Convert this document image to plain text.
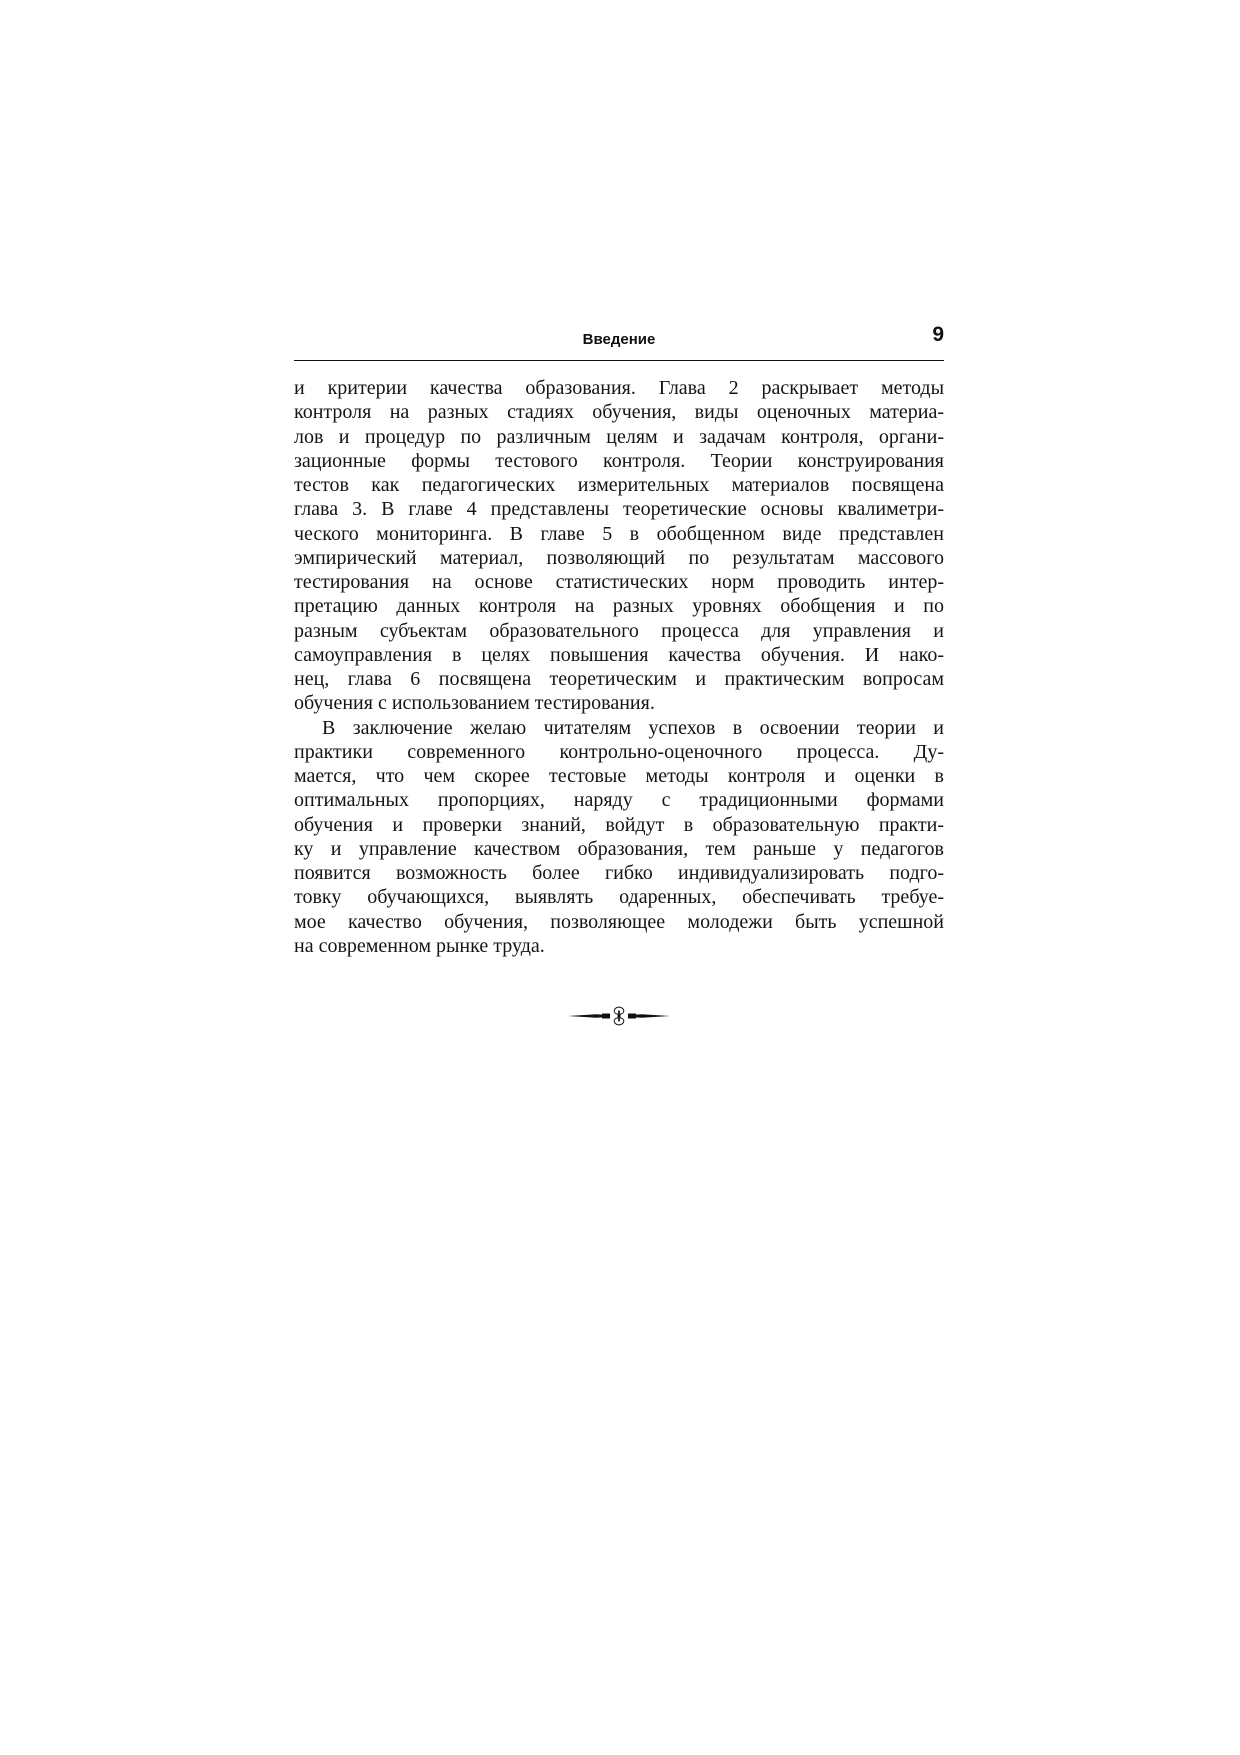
Введение	9
и критерии качества образования. Глава 2 раскрывает методы
контроля на разных стадиях обучения, виды оценочных материа-
лов и процедур по различным целям и задачам контроля, органи-
зационные формы тестового контроля. Теории конструирования
тестов как педагогических измерительных материалов посвящена
глава 3. В главе 4 представлены теоретические основы квалиметри-
ческого мониторинга. В главе 5 в обобщенном виде представлен
эмпирический материал, позволяющий по результатам массового
тестирования на основе статистических норм проводить интер-
претацию данных контроля на разных уровнях обобщения и по
разным субъектам образовательного процесса для управления и
самоуправления в целях повышения качества обучения. И нако-
нец, глава 6 посвящена теоретическим и практическим вопросам
обучения с использованием тестирования.
В заключение желаю читателям успехов в освоении теории и
практики современного контрольно-оценочного процесса. Ду-
мается, что чем скорее тестовые методы контроля и оценки в
оптимальных пропорциях, наряду с традиционными формами
обучения и проверки знаний, войдут в образовательную практи-
ку и управление качеством образования, тем раньше у педагогов
появится возможность более гибко индивидуализировать подго-
товку обучающихся, выявлять одаренных, обеспечивать требуе-
мое качество обучения, позволяющее молодежи быть успешной
на современном рынке труда.
